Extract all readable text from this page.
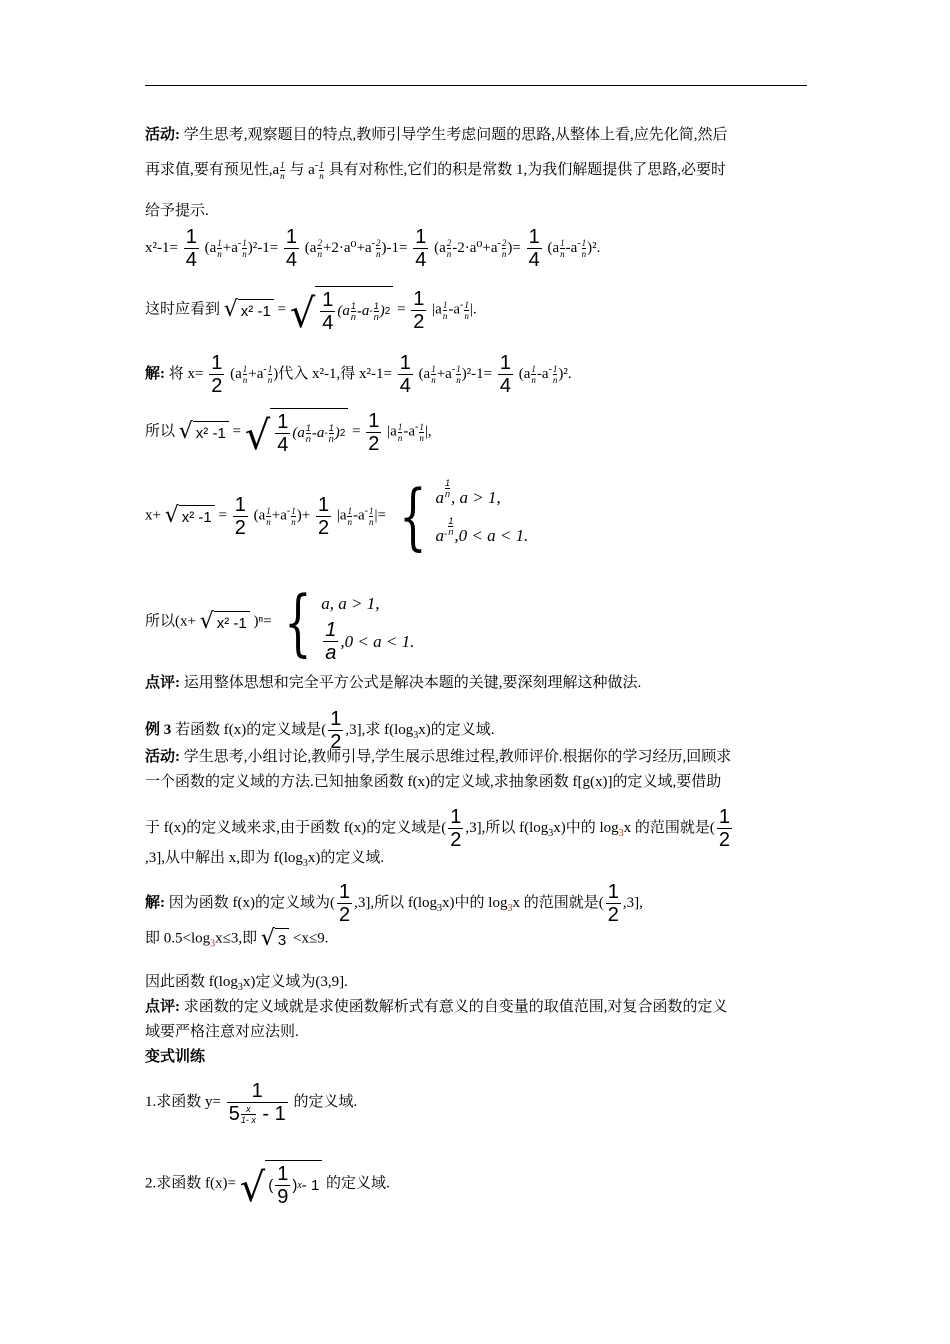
活动: 学生思考,观察题目的特点,教师引导学生考虑问题的思路,从整体上看,应先化简,然后
再求值,要有预见性$,a \frac{1}{n}$ 与 $a^- \frac{1}{n}$ 具有对称性,它们的积是常数 1,为我们解题提供了思路,必要时
给予提示.
$x^2-1= \frac{1}{4} (a \frac{1}{n} +a^- \frac{1}{n} )^2-1= \frac{1}{4} (a \frac{2}{n} +2\cdot a^0+a^- \frac{2}{n} )-1= \frac{1}{4} (a \frac{2}{n} -2\cdot a^0+a^- \frac{2}{n}$ )= $\frac{1}{4} (a \frac{1}{n} -a^- \frac{1}{n} )^2$.
这时应看到 √ x² -1 = √ $\frac{1}{4} (a$ 1
n - a - 1
n ) $2 = \frac{1}{2} |a \frac{1}{n} -a^- \frac{1}{n}$ |.
解: 将 $x= \frac{1}{2} (a \frac{1}{n} +a^- \frac{1}{n}$ )代入 x²-1,得 $x^2-1= \frac{1}{4} (a \frac{1}{n} +a^- \frac{1}{n} )^2-1= \frac{1}{4} (a \frac{1}{n} -a^- \frac{1}{n} )^2$.
所以 √ x² -1 = √ $\frac{1}{4} (a$ 1
n - a - 1
n ) $2 = \frac{1}{2} |a \frac{1}{n} -a^- \frac{1}{n}$ |,
x+ √ x² $-1 = \frac{1}{2} (a \frac{1}{n} +a^- \frac{1}{n}$ )+ $\frac{1}{2} |a \frac{1}{n} -a^- \frac{1}{n}$ |= { a
1
n , a > 1,
a -
1
n ,0 < a < 1.
所以(x+ √ x² -1 )ⁿ= { a, a > 1,
$\frac{1}{a} ,0 < a < 1$.
点评: 运用整体思想和完全平方公式是解决本题的关键,要深刻理解这种做法.
例 3 若函数 f(x)的定义域是( $\frac{1}{2} ,3$],求 $f(\log_3x)$的定义域.
活动: 学生思考,小组讨论,教师引导,学生展示思维过程,教师评价.根据你的学习经历,回顾求
一个函数的定义域的方法.已知抽象函数 f(x)的定义域,求抽象函数 f[g(x)]的定义域,要借助
于 f(x)的定义域来求,由于函数 f(x)的定义域是( $\frac{1}{2} ,3$],所以 $f(\log_3x)$中的 $\log_3x$ 的范围就是( $\frac{1}{2}$
,3],从中解出 x,即为 $f(\log_3x)$的定义域.
解: 因为函数 f(x)的定义域为( $\frac{1}{2} ,3$],所以 $f(\log_3x)$中的 $\log_3x$ 的范围就是( $\frac{1}{2} ,3$],
即 $0.5<\log_3x\le 3$,即 √ 3 <x≤9.
因此函数 $f(\log_3x)$定义域为(3,9].
点评: 求函数的定义域就是求使函数解析式有意义的自变量的取值范围,对复合函数的定义
域要严格注意对应法则.
变式训练
1.求函数 $y= \frac{1}{5 \frac{x}{1- x} - 1}$ 的定义域.
2.求函数 f(x)= √ ( $\frac{1}{9}$ ) x - 1 的定义域.
